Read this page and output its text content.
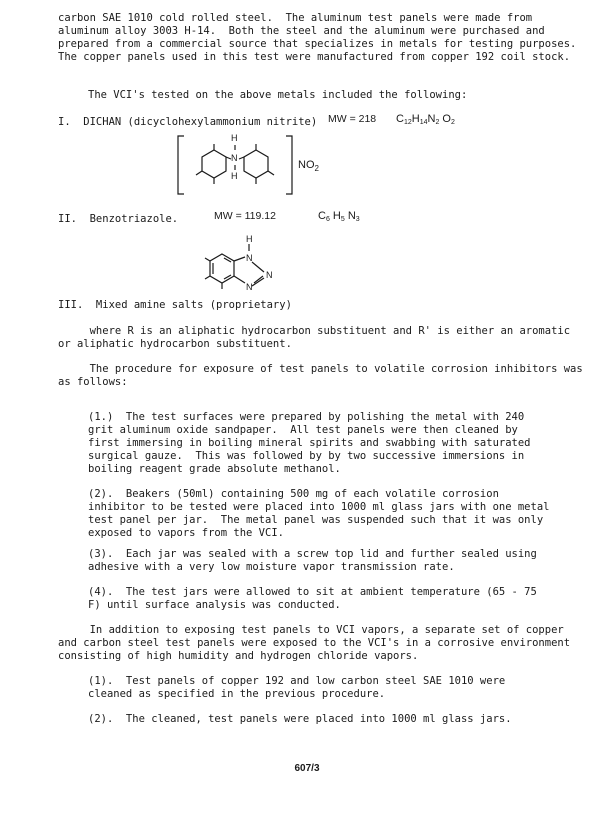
carbon SAE 1010 cold rolled steel.  The aluminum test panels were made from
aluminum alloy 3003 H-14.  Both the steel and the aluminum were purchased and
prepared from a commercial source that specializes in metals for testing purposes.
The copper panels used in this test were manufactured from copper 192 coil stock.
The VCI's tested on the above metals included the following:
I.  DICHAN (dicyclohexylammonium nitrite) MW = 218 $C_{12}H_{14}N_2$ $O_2$
H
N
H
$NO_2$
II.  Benzotriazole.	MW = 119.12	$C_6$ $H_5$ $N_3$
H
N
N
N
III.  Mixed amine salts (proprietary)
where R is an aliphatic hydrocarbon substituent and R' is either an aromatic
or aliphatic hydrocarbon substituent.
The procedure for exposure of test panels to volatile corrosion inhibitors was
as follows:
(1.)  The test surfaces were prepared by polishing the metal with 240
grit aluminum oxide sandpaper.  All test panels were then cleaned by
first immersing in boiling mineral spirits and swabbing with saturated
surgical gauze.  This was followed by by two successive immersions in
boiling reagent grade absolute methanol.
(2).  Beakers (50ml) containing 500 mg of each volatile corrosion
inhibitor to be tested were placed into 1000 ml glass jars with one metal
test panel per jar.  The metal panel was suspended such that it was only
exposed to vapors from the VCI.
(3).  Each jar was sealed with a screw top lid and further sealed using
adhesive with a very low moisture vapor transmission rate.
(4).  The test jars were allowed to sit at ambient temperature (65 - 75
F) until surface analysis was conducted.
In addition to exposing test panels to VCI vapors, a separate set of copper
and carbon steel test panels were exposed to the VCI's in a corrosive environment
consisting of high humidity and hydrogen chloride vapors.
(1).  Test panels of copper 192 and low carbon steel SAE 1010 were
cleaned as specified in the previous procedure.
(2).  The cleaned, test panels were placed into 1000 ml glass jars.
607/3
